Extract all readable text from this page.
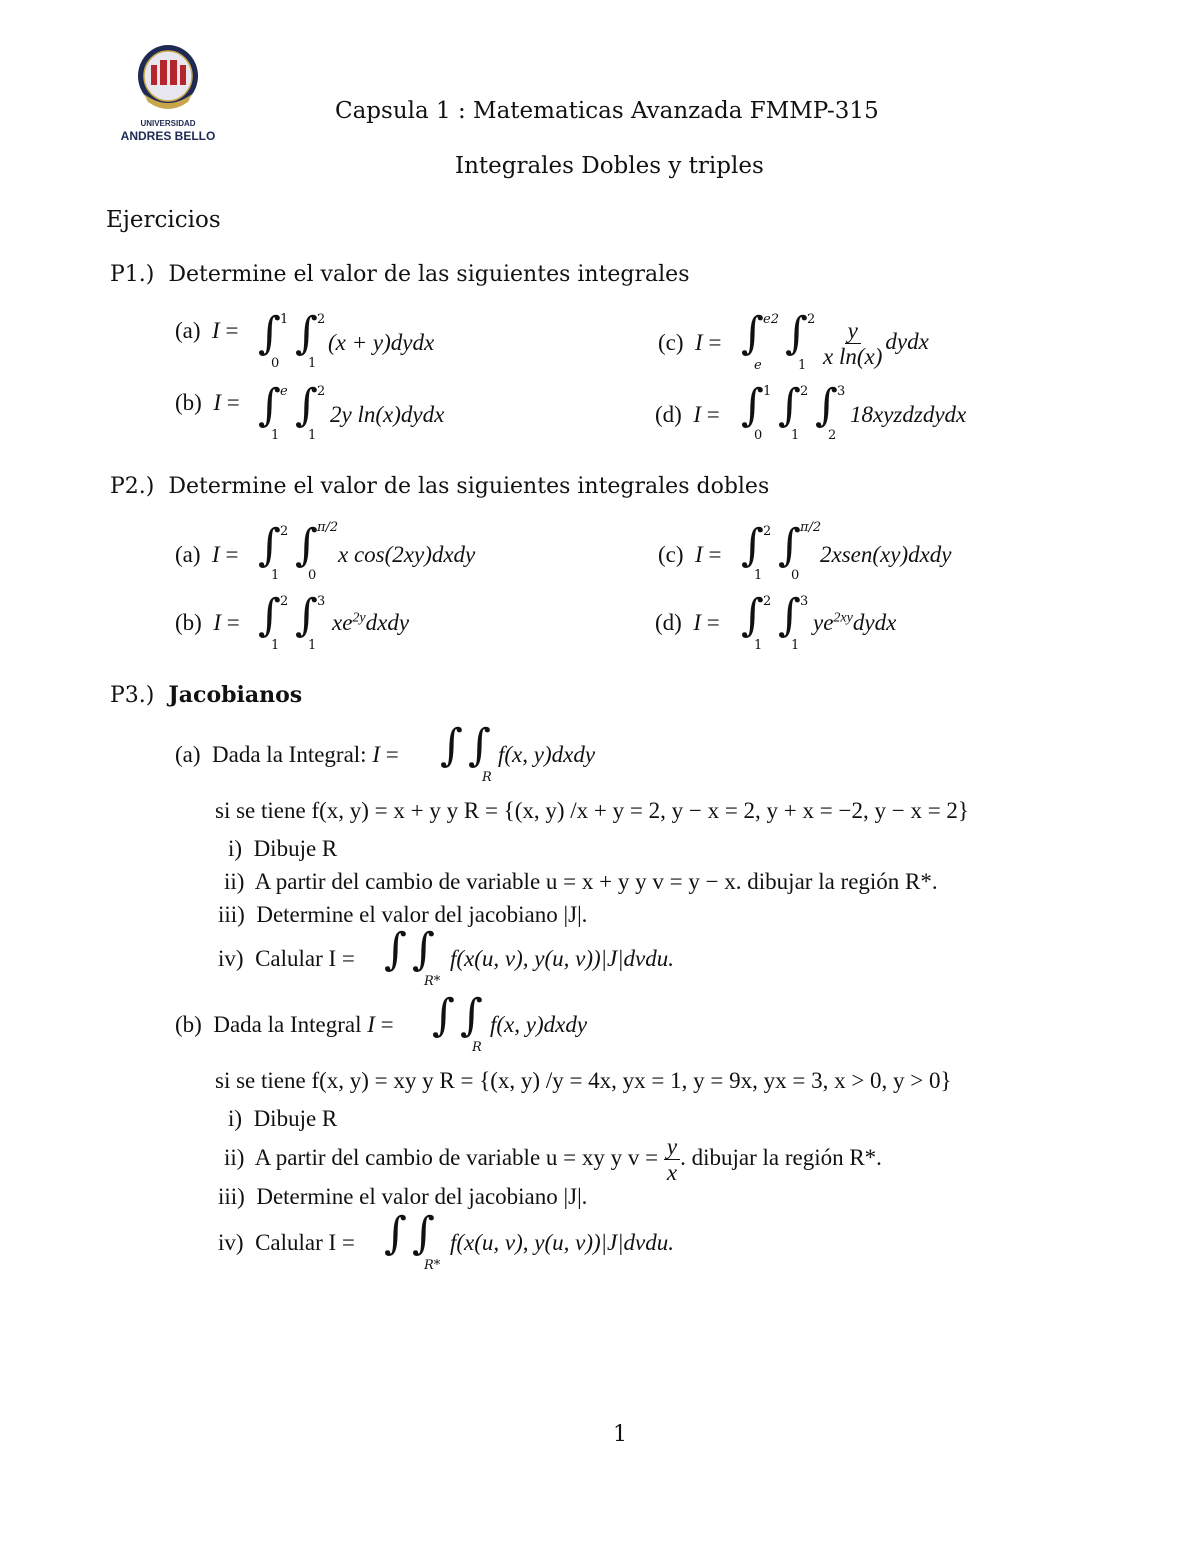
UNIVERSIDAD
ANDRES BELLO
Capsula 1 : Matematicas Avanzada FMMP-315
Integrales Dobles y triples
Ejercicios
P1.) Determine el valor de las siguientes integrales
(a) I = ∫ 1
0
∫ 2
1
(x + y)dydx
(b) I = ∫ e
1
∫ 2
1
2y ln(x)dydx
(c) I = ∫ e2
e
∫ 2
$1 \frac{y}{\text{x ln(x)}}$ dydx
(d) I = ∫ 1
0
∫ 2
1
∫ 3
2
18xyzdzdydx
P2.) Determine el valor de las siguientes integrales dobles
(a) I = ∫ 2
1
∫ π/2
0
x cos(2xy)dxdy
(b) I = ∫ 2
1
∫ 3
1
$xe^{2y}dxdy$
(c) I = ∫ 2
1
∫ π/2
0
2xsen(xy)dxdy
(d) I = ∫ 2
1
∫ 3
1
$ye^{2xy}dydx$
P3.) Jacobianos
(a) Dada la Integral: I = ∫ ∫
R
f(x, y)dxdy
si se tiene f(x, y) = x + y y R = {(x, y) /x + y = 2, y − x = 2, y + x = −2, y − x = 2}
i) Dibuje R
ii) A partir del cambio de variable u = x + y y v = y − x. dibujar la región R*.
iii) Determine el valor del jacobiano |J|.
iv) Calular I = ∫ ∫
R*
f(x(u, v), y(u, v))|J|dvdu.
(b) Dada la Integral I = ∫ ∫
R
f(x, y)dxdy
si se tiene f(x, y) = xy y R = {(x, y) /y = 4x, yx = 1, y = 9x, yx = 3, x > 0, y > 0}
i) Dibuje R
ii) A partir del cambio de variable u = xy y $v = \frac{y}{x}$ . dibujar la región R*.
iii) Determine el valor del jacobiano |J|.
iv) Calular I = ∫ ∫
R*
f(x(u, v), y(u, v))|J|dvdu.
1
